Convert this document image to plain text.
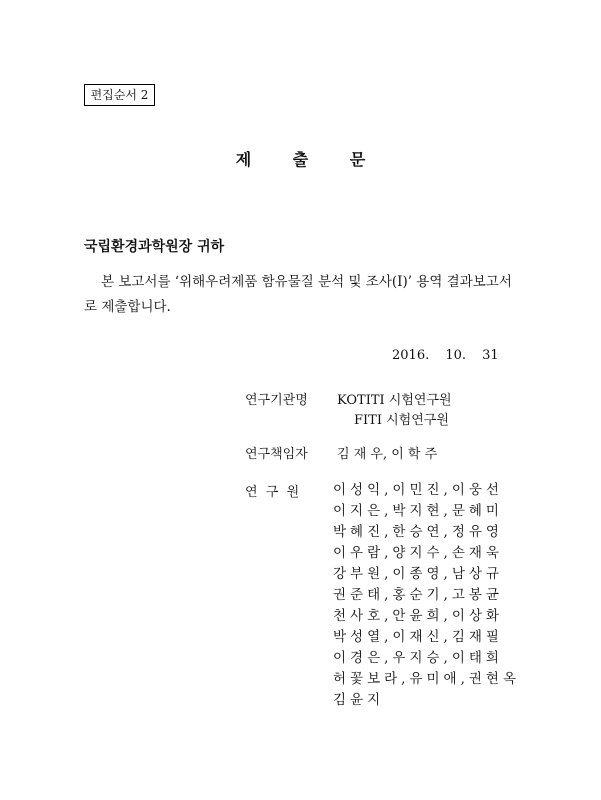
편집순서 2
제 출 문
국립환경과학원장 귀하

본 보고서를 ‘위해우려제품 함유물질 분석 및 조사(I)’ 용역 결과보고서로 제출합니다.

2016. 10. 31
연구기관명 KOTITI 시험연구원
FITI 시험연구원
연구책임자 김 재 우, 이 학 주
연  구  원	이성익,이민진,이웅선
이지은,박지현,문혜미
박혜진,한승연,정유영
이우람,양지수,손재욱
강부원,이종영,남상규
권준태,홍순기,고봉균
천사호,안윤희,이상화
박성열,이재신,김재필
이경은,우지승,이태희
허꽃보라,유미애,권현옥
김윤지
